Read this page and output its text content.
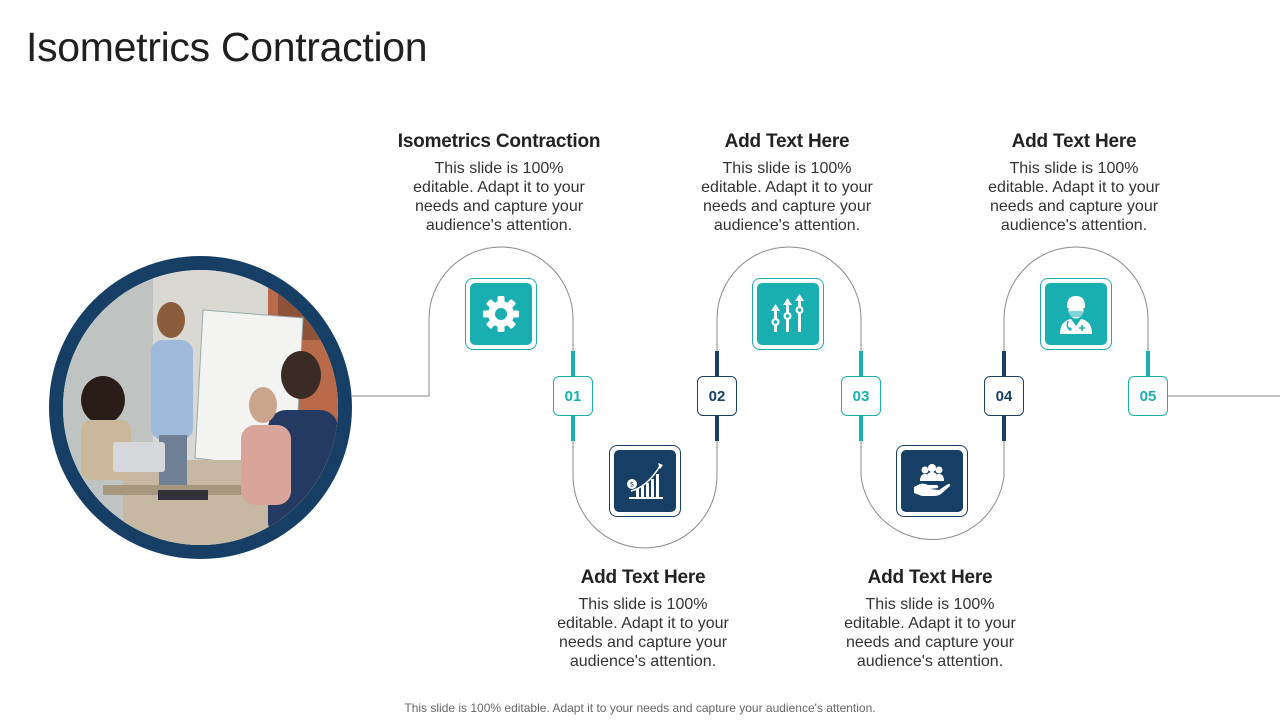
Isometrics Contraction
Isometrics Contraction
This slide is 100% editable. Adapt it to your needs and capture your audience's attention.
Add Text Here
This slide is 100% editable. Adapt it to your needs and capture your audience's attention.
Add Text Here
This slide is 100% editable. Adapt it to your needs and capture your audience's attention.
Add Text Here
This slide is 100% editable. Adapt it to your needs and capture your audience's attention.
Add Text Here
This slide is 100% editable. Adapt it to your needs and capture your audience's attention.
$
01	02	03	04	05
This slide is 100% editable. Adapt it to your needs and capture your audience's attention.
